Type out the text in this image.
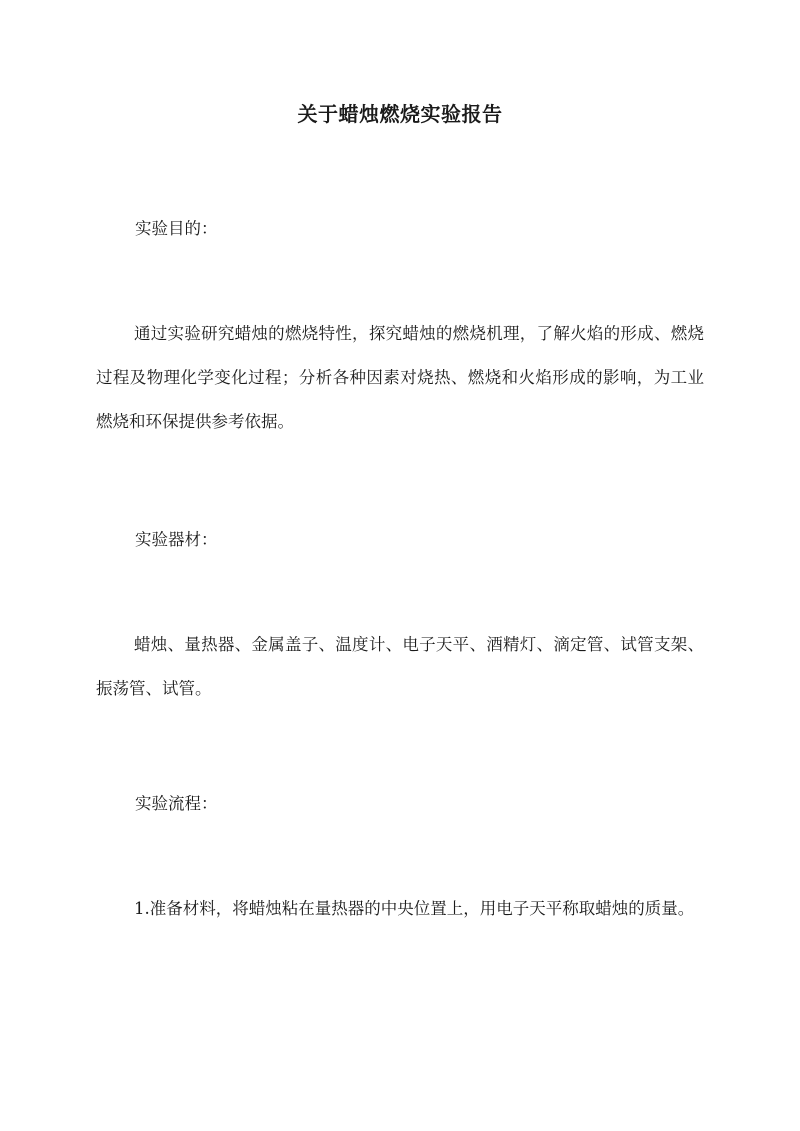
关于蜡烛燃烧实验报告

实验目的：

通过实验研究蜡烛的燃烧特性，探究蜡烛的燃烧机理，了解火焰的形成、燃烧过程及物理化学变化过程；分析各种因素对烧热、燃烧和火焰形成的影响，为工业燃烧和环保提供参考依据。

实验器材：

蜡烛、量热器、金属盖子、温度计、电子天平、酒精灯、滴定管、试管支架、振荡管、试管。

实验流程：

1.准备材料，将蜡烛粘在量热器的中央位置上，用电子天平称取蜡烛的质量。
